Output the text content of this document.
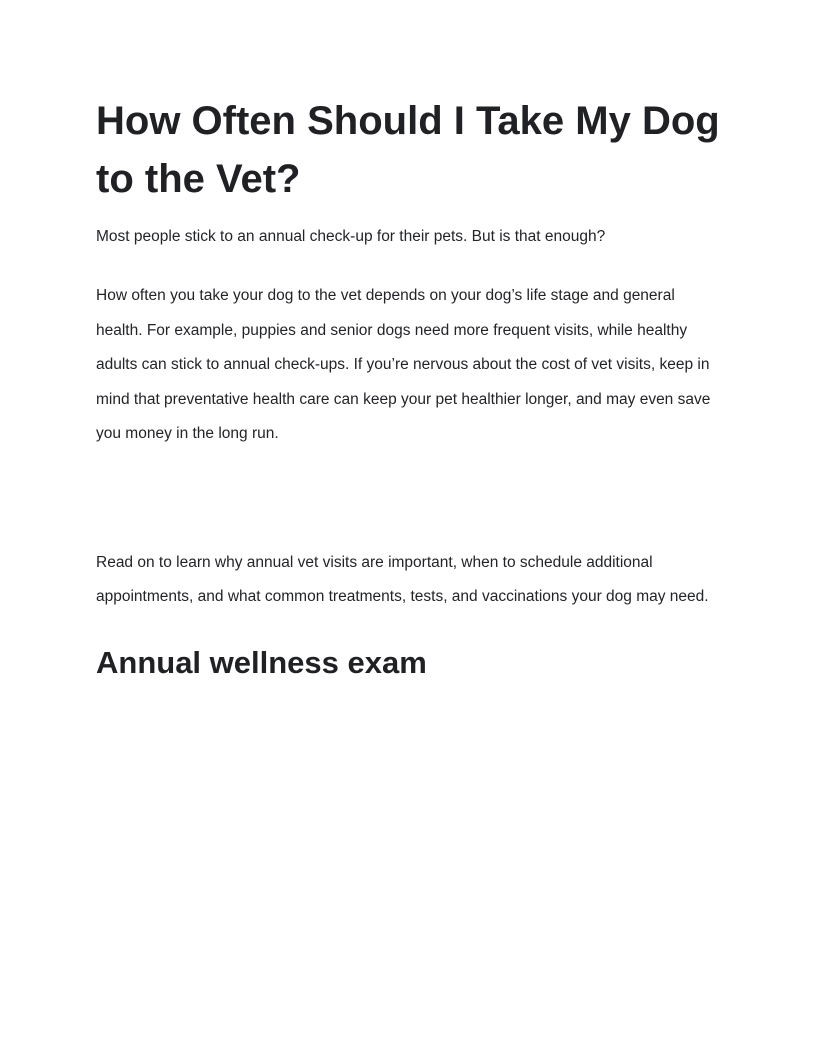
How Often Should I Take My Dog to the Vet?

Most people stick to an annual check-up for their pets. But is that enough?

How often you take your dog to the vet depends on your dog’s life stage and general health. For example, puppies and senior dogs need more frequent visits, while healthy adults can stick to annual check-ups. If you’re nervous about the cost of vet visits, keep in mind that preventative health care can keep your pet healthier longer, and may even save you money in the long run.

Read on to learn why annual vet visits are important, when to schedule additional appointments, and what common treatments, tests, and vaccinations your dog may need.

Annual wellness exam
